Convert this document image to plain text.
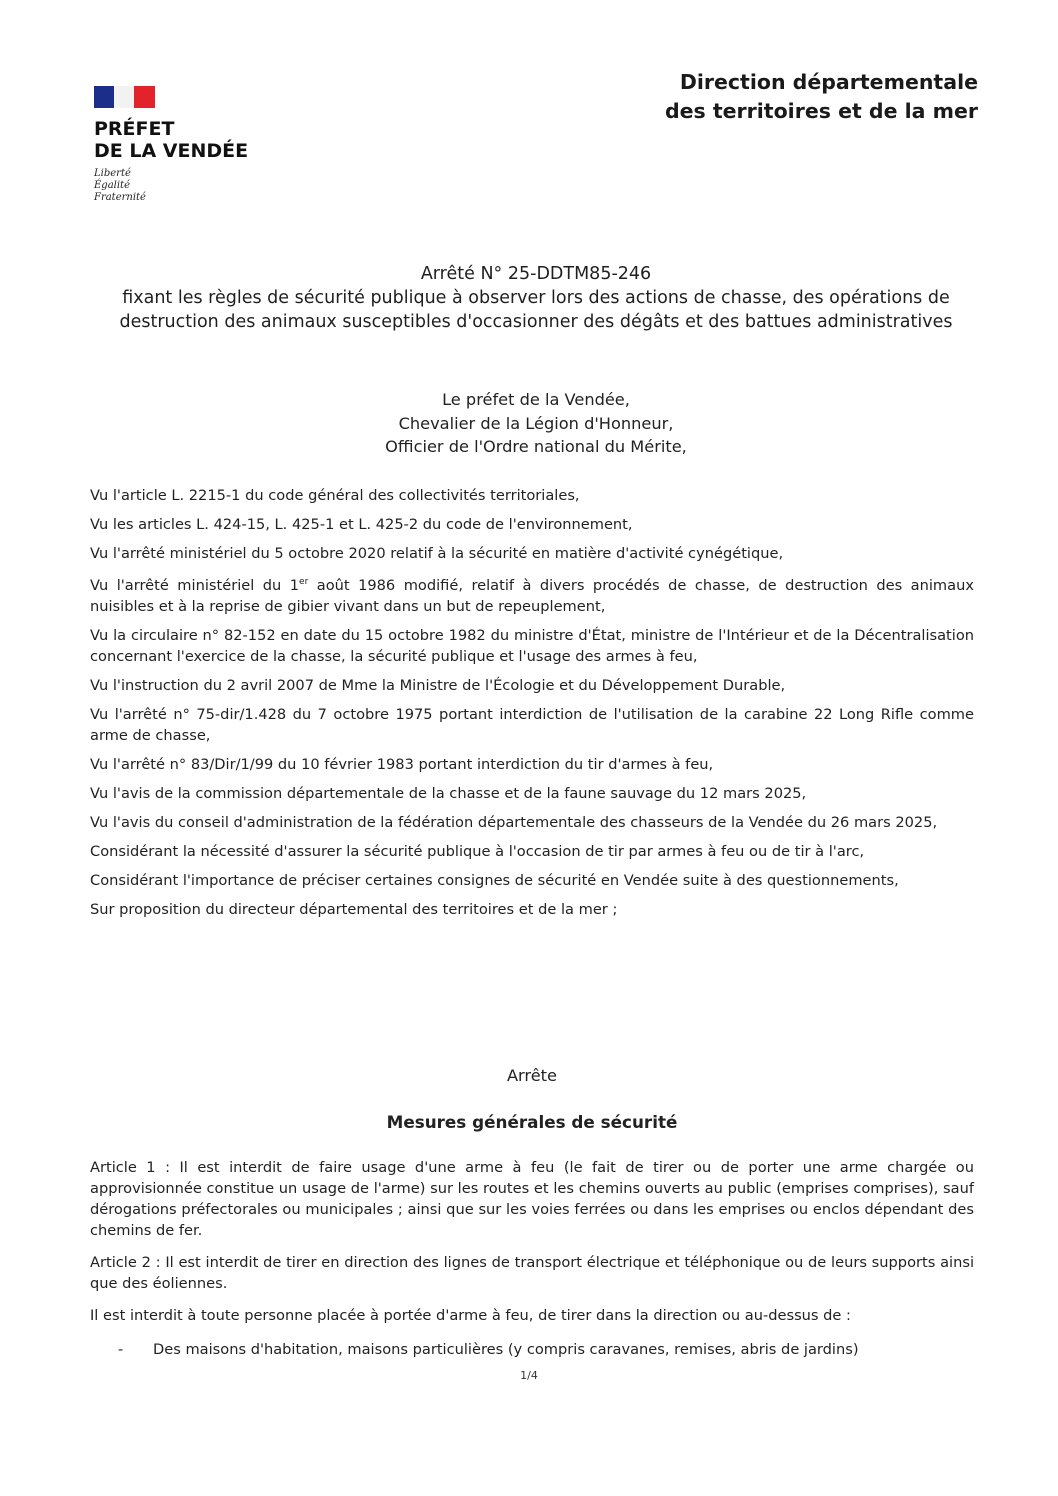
PRÉFET
DE LA VENDÉE
Liberté
Égalité
Fraternité
Direction départementale
des territoires et de la mer
Arrêté N° 25-DDTM85-246
fixant les règles de sécurité publique à observer lors des actions de chasse, des opérations de destruction des animaux susceptibles d'occasionner des dégâts et des battues administratives
Le préfet de la Vendée,
Chevalier de la Légion d'Honneur,
Officier de l'Ordre national du Mérite,

Vu l'article L. 2215-1 du code général des collectivités territoriales,

Vu les articles L. 424-15, L. 425-1 et L. 425-2 du code de l'environnement,

Vu l'arrêté ministériel du 5 octobre 2020 relatif à la sécurité en matière d'activité cynégétique,

Vu l'arrêté ministériel du 1er août 1986 modifié, relatif à divers procédés de chasse, de destruction des animaux nuisibles et à la reprise de gibier vivant dans un but de repeuplement,

Vu la circulaire n° 82-152 en date du 15 octobre 1982 du ministre d'État, ministre de l'Intérieur et de la Décentralisation concernant l'exercice de la chasse, la sécurité publique et l'usage des armes à feu,

Vu l'instruction du 2 avril 2007 de Mme la Ministre de l'Écologie et du Développement Durable,

Vu l'arrêté n° 75-dir/1.428 du 7 octobre 1975 portant interdiction de l'utilisation de la carabine 22 Long Rifle comme arme de chasse,

Vu l'arrêté n° 83/Dir/1/99 du 10 février 1983 portant interdiction du tir d'armes à feu,

Vu l'avis de la commission départementale de la chasse et de la faune sauvage du 12 mars 2025,

Vu l'avis du conseil d'administration de la fédération départementale des chasseurs de la Vendée du 26 mars 2025,

Considérant la nécessité d'assurer la sécurité publique à l'occasion de tir par armes à feu ou de tir à l'arc,

Considérant l'importance de préciser certaines consignes de sécurité en Vendée suite à des questionnements,

Sur proposition du directeur départemental des territoires et de la mer ;

Arrête
Mesures générales de sécurité

Article 1 : Il est interdit de faire usage d'une arme à feu (le fait de tirer ou de porter une arme chargée ou approvisionnée constitue un usage de l'arme) sur les routes et les chemins ouverts au public (emprises comprises), sauf dérogations préfectorales ou municipales ; ainsi que sur les voies ferrées ou dans les emprises ou enclos dépendant des chemins de fer.

Article 2 : Il est interdit de tirer en direction des lignes de transport électrique et téléphonique ou de leurs supports ainsi que des éoliennes.

Il est interdit à toute personne placée à portée d'arme à feu, de tirer dans la direction ou au-dessus de :

-	Des maisons d'habitation, maisons particulières (y compris caravanes, remises, abris de jardins)
1/4
